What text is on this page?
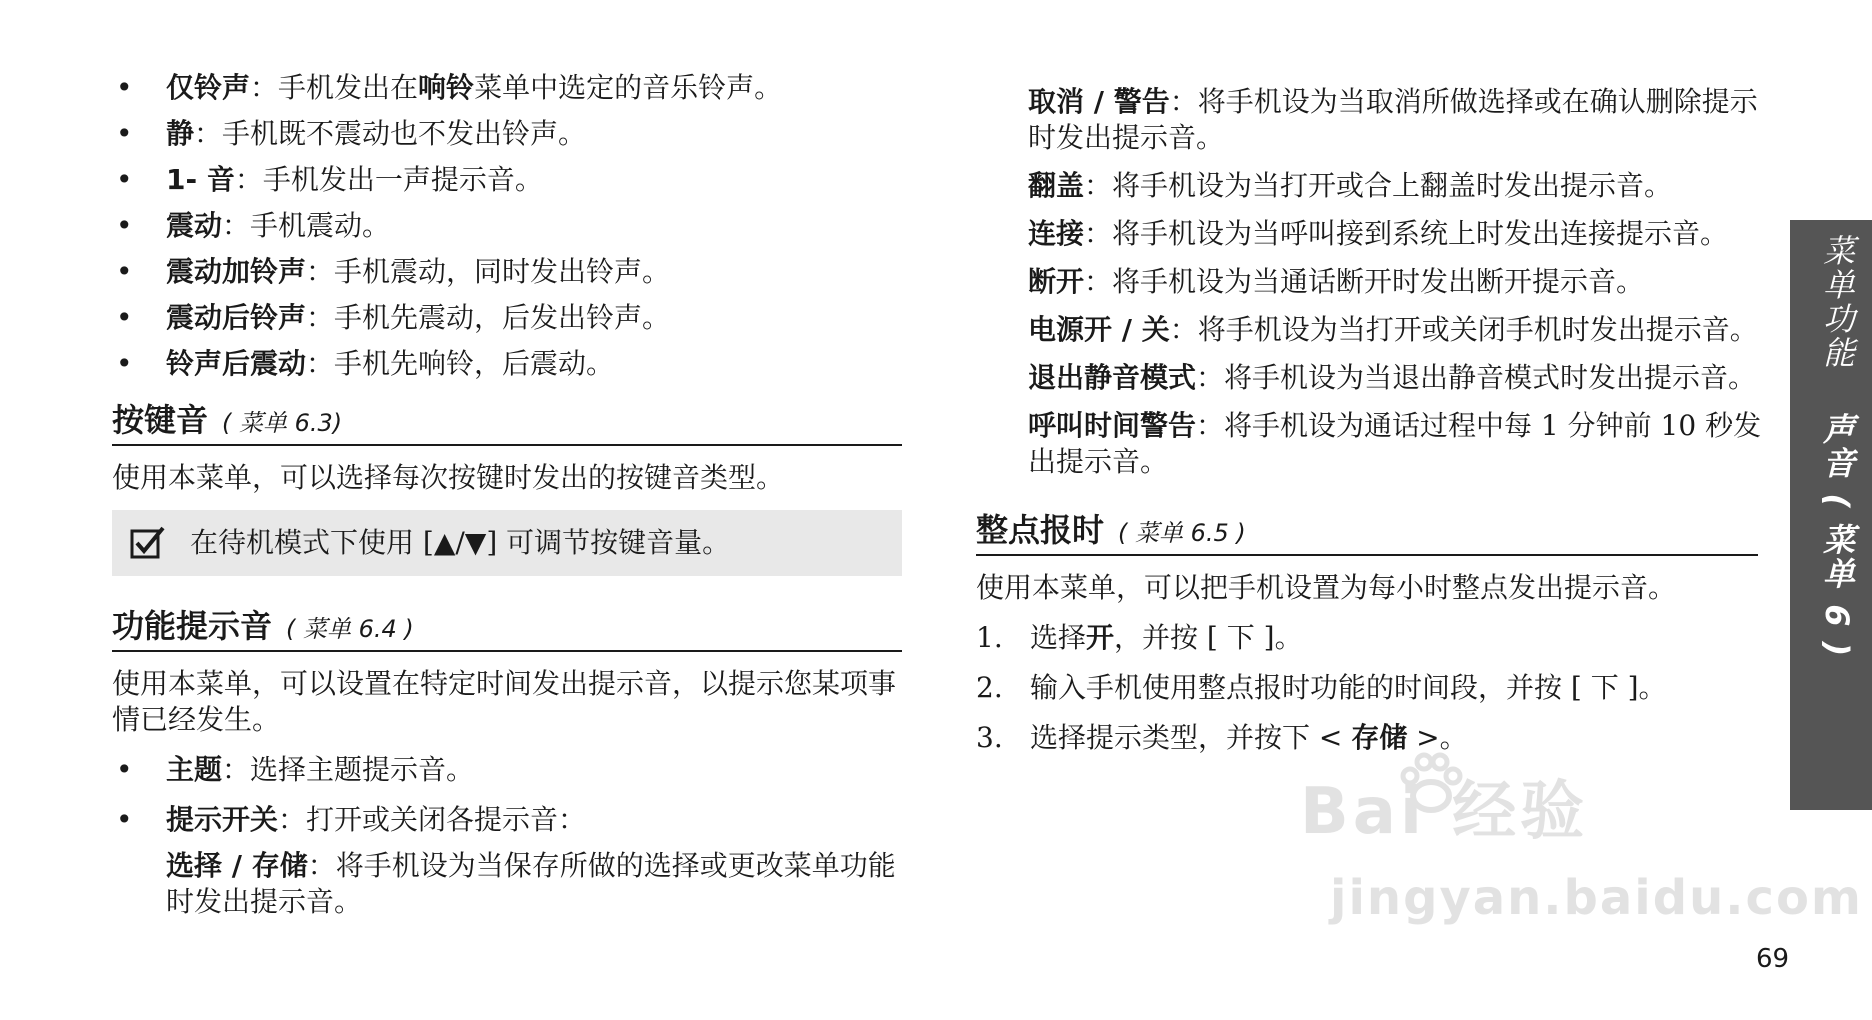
• 仅铃声：手机发出在响铃菜单中选定的音乐铃声。
• 静：手机既不震动也不发出铃声。
• 1- 音：手机发出一声提示音。
• 震动：手机震动。
• 震动加铃声：手机震动，同时发出铃声。
• 震动后铃声：手机先震动，后发出铃声。
• 铃声后震动：手机先响铃，后震动。
按键音 ( 菜单 6.3)

使用本菜单，可以选择每次按键时发出的按键音类型。

在待机模式下使用 [▲/▼] 可调节按键音量。
功能提示音 ( 菜单 6.4 )

使用本菜单，可以设置在特定时间发出提示音，以提示您某项事情已经发生。

• 主题：选择主题提示音。
• 提示开关：打开或关闭各提示音：
选择 / 存储：将手机设为当保存所做的选择或更改菜单功能时发出提示音。

取消 / 警告：将手机设为当取消所做选择或在确认删除提示时发出提示音。

翻盖：将手机设为当打开或合上翻盖时发出提示音。

连接：将手机设为当呼叫接到系统上时发出连接提示音。

断开：将手机设为当通话断开时发出断开提示音。

电源开 / 关：将手机设为当打开或关闭手机时发出提示音。

退出静音模式：将手机设为当退出静音模式时发出提示音。

呼叫时间警告：将手机设为通话过程中每 1 分钟前 10 秒发出提示音。

整点报时 ( 菜单 6.5 )

使用本菜单，可以把手机设置为每小时整点发出提示音。

1. 选择开，并按 [ 下 ]。
2. 输入手机使用整点报时功能的时间段，并按 [ 下 ]。
3. 选择提示类型，并按下 < 存储 >。
菜单功能 声音 ( 菜单 6 )
Bai 经验
jingyan.baidu.com
69
